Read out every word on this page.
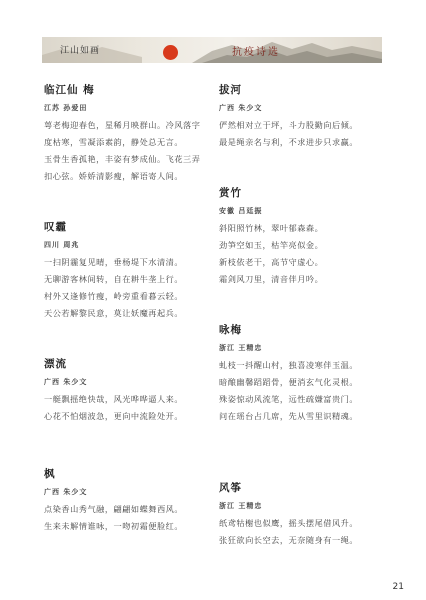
江山如画	抗疫诗选
临江仙 梅
江苏 孙爱田
萼老梅迎春色，星稀月映群山。冷风落字
度枯寒，雪凝添素韵，静处总无言。
玉骨生香孤艳，丰姿有梦成仙。飞花三弄
扣心弦。娇娇清影瘦，解语寄人间。
叹霾
四川 周兆
一扫阴霾复见晴，垂杨堤下水清清。
无聊游客林间转，自在耕牛垄上行。
村外又逢修竹瘦，岭旁重看暮云轻。
天公若解黎民意，莫让妖魔再起兵。
漂流
广西 朱少文
一艇飘摇绝快哉，风光哗哗逼人来。
心花不怕烟波急，更向中流险处开。
枫
广西 朱少文
点染香山秀气融，翩翩如蝶舞西风。
生来未解情谁咏，一吻初霜便脸红。
拔河
广西 朱少文
俨然相对立于坪，斗力股勤向后倾。
最是绳亲名与利，不求进步只求赢。
赏竹
安徽 吕廷振
斜阳照竹林，翠叶郁森森。
劲笋空如玉，枯竿亮似金。
新枝依老干，高节守虚心。
霜剑风刀里，清音伴月吟。
咏梅
浙江 王精忠
虬枝一抖醒山村，独喜凌寒伴玉温。
暗酿幽馨蹈蹈骨，便消玄气化灵根。
殊姿惊动风流笔，远性疏嫌富贵门。
问在瑶台占几席，先从雪里识精魂。
风筝
浙江 王精忠
纸鸢牯榭也似鹰，摇头摆尾借风升。
张狂欲向长空去，无奈随身有一绳。
21
